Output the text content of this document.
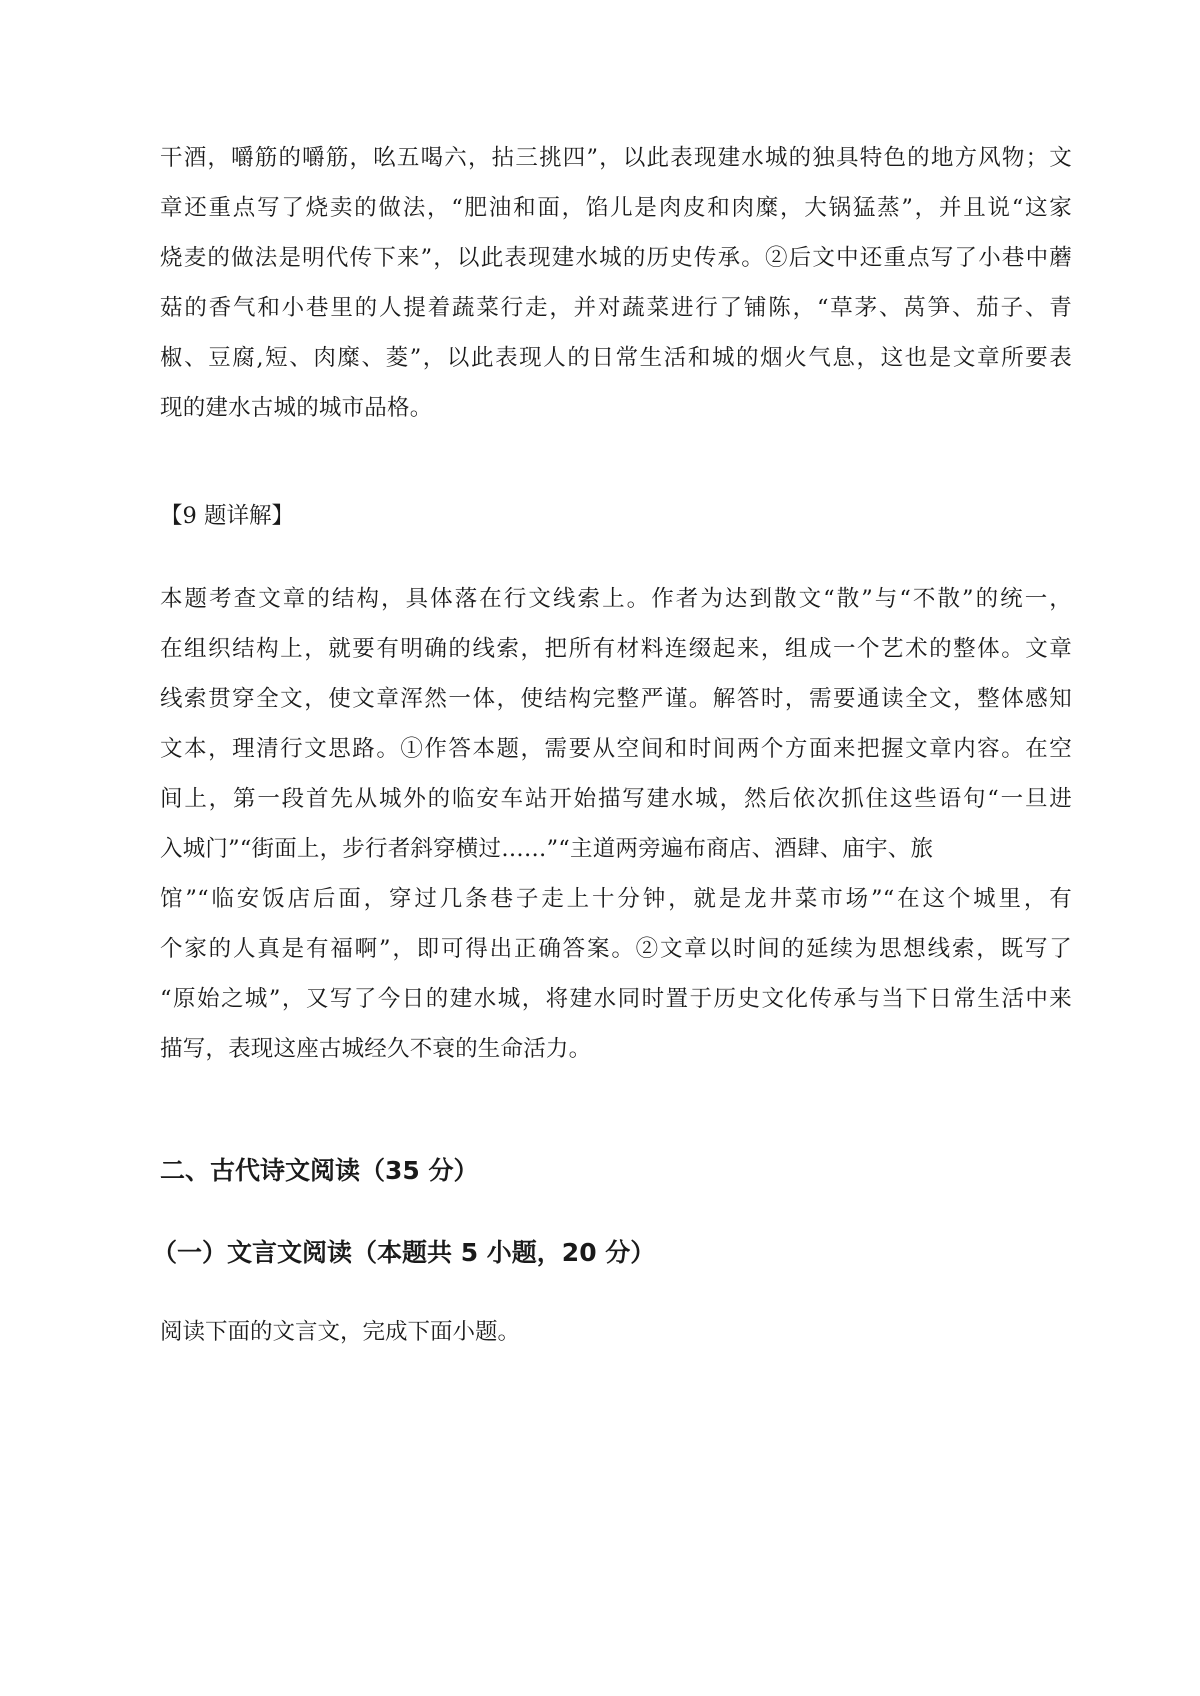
干酒，嚼筋的嚼筋，吆五喝六，拈三挑四”，以此表现建水城的独具特色的地方风物；文
章还重点写了烧卖的做法，“肥油和面，馅儿是肉皮和肉糜，大锅猛蒸”，并且说“这家
烧麦的做法是明代传下来”，以此表现建水城的历史传承。②后文中还重点写了小巷中蘑
菇的香气和小巷里的人提着蔬菜行走，并对蔬菜进行了铺陈，“草茅、莴笋、茄子、青
椒、豆腐,短、肉糜、菱”，以此表现人的日常生活和城的烟火气息，这也是文章所要表
现的建水古城的城市品格。

【9 题详解】

本题考查文章的结构，具体落在行文线索上。作者为达到散文“散”与“不散”的统一，
在组织结构上，就要有明确的线索，把所有材料连缀起来，组成一个艺术的整体。文章
线索贯穿全文，使文章浑然一体，使结构完整严谨。解答时，需要通读全文，整体感知
文本，理清行文思路。①作答本题，需要从空间和时间两个方面来把握文章内容。在空
间上，第一段首先从城外的临安车站开始描写建水城，然后依次抓住这些语句“一旦进
入城门”“街面上，步行者斜穿横过……”“主道两旁遍布商店、酒肆、庙宇、旅
馆”“临安饭店后面，穿过几条巷子走上十分钟，就是龙井菜市场”“在这个城里，有
个家的人真是有福啊”，即可得出正确答案。②文章以时间的延续为思想线索，既写了
“原始之城”，又写了今日的建水城，将建水同时置于历史文化传承与当下日常生活中来
描写，表现这座古城经久不衰的生命活力。
二、古代诗文阅读（35 分）
（一）文言文阅读（本题共 5 小题，20 分）

阅读下面的文言文，完成下面小题。
